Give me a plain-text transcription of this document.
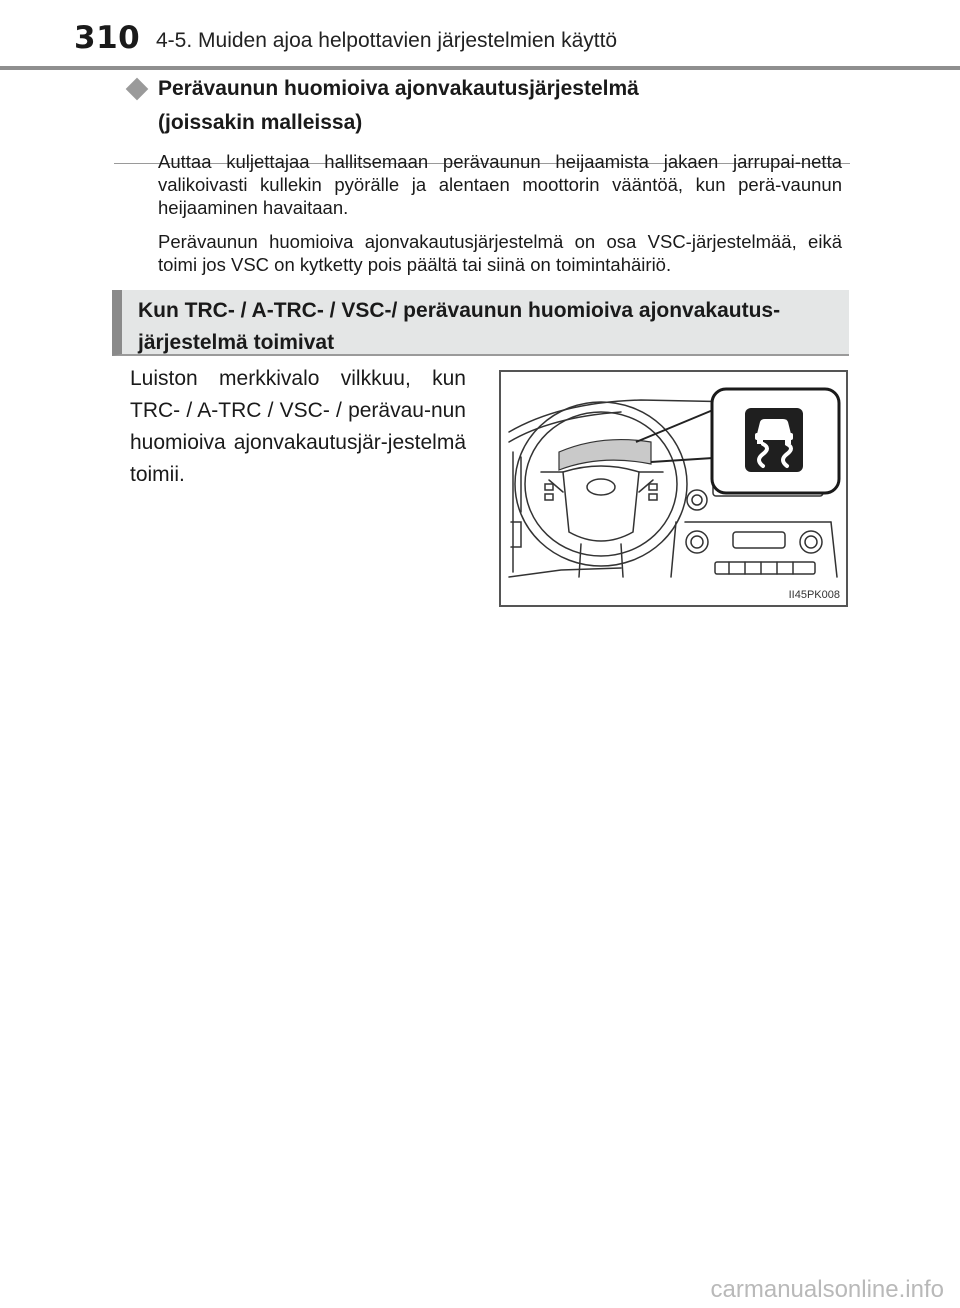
310 4-5. Muiden ajoa helpottavien järjestelmien käyttö
Perävaunun huomioiva ajonvakautusjärjestelmä
(joissakin malleissa)
Auttaa kuljettajaa hallitsemaan perävaunun heijaamista jakaen jarrupai-netta valikoivasti kullekin pyörälle ja alentaen moottorin vääntöä, kun perä-vaunun heijaaminen havaitaan.
Perävaunun huomioiva ajonvakautusjärjestelmä on osa VSC-järjestelmää, eikä toimi jos VSC on kytketty pois päältä tai siinä on toimintahäiriö.
Kun TRC- / A-TRC- / VSC-/ perävaunun huomioiva ajonvakautus-
järjestelmä toimivat
Luiston merkkivalo vilkkuu, kun TRC- / A-TRC / VSC- / perävau-nun huomioiva ajonvakautusjär-jestelmä toimii.
II45PK008
carmanualsonline.info
